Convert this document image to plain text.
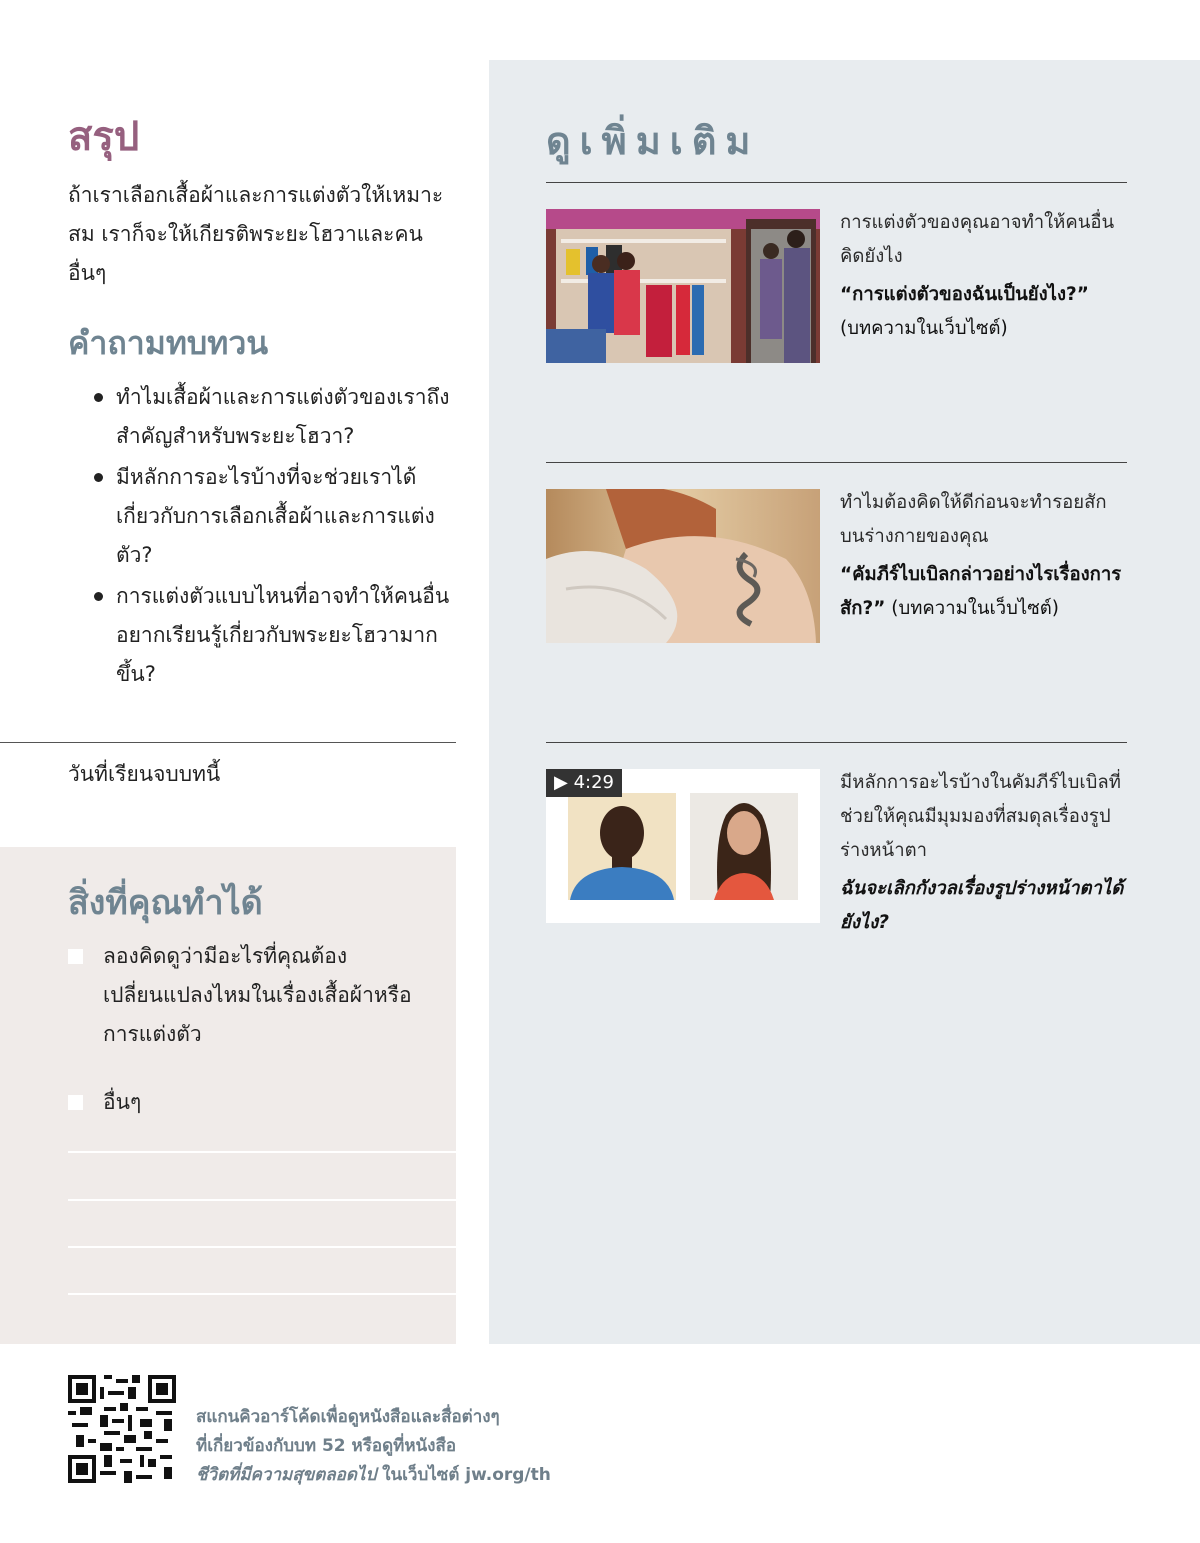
สรุป

ถ้าเราเลือกเสื้อผ้าและการแต่งตัวให้เหมาะสม เราก็จะให้เกียรติพระยะโฮวาและคนอื่นๆ

คำถามทบทวน
ทำไมเสื้อผ้าและการแต่งตัวของเราถึงสำคัญสำหรับพระยะโฮวา?
มีหลักการอะไรบ้างที่จะช่วยเราได้เกี่ยวกับการเลือกเสื้อผ้าและการแต่งตัว?
การแต่งตัวแบบไหนที่อาจทำให้คนอื่นอยากเรียนรู้เกี่ยวกับพระยะโฮวามากขึ้น?
วันที่เรียนจบบทนี้
สิ่งที่คุณทำได้
ลองคิดดูว่ามีอะไรที่คุณต้องเปลี่ยนแปลงไหมในเรื่องเสื้อผ้าหรือการแต่งตัว
อื่นๆ
ดูเพิ่มเติม
การแต่งตัวของคุณอาจทำให้คนอื่นคิดยังไง
“การแต่งตัวของฉันเป็นยังไง?”
(บทความในเว็บไซต์)
ทำไมต้องคิดให้ดีก่อนจะทำรอยสักบนร่างกายของคุณ
“คัมภีร์ไบเบิลกล่าวอย่างไรเรื่องการสัก?” (บทความในเว็บไซต์)
▶ 4:29	มีหลักการอะไรบ้างในคัมภีร์ไบเบิลที่ช่วยให้คุณมีมุมมองที่สมดุลเรื่องรูปร่างหน้าตา
ฉันจะเลิกกังวลเรื่องรูปร่างหน้าตาได้ยังไง?
สแกนคิวอาร์โค้ดเพื่อดูหนังสือและสื่อต่างๆ
ที่เกี่ยวข้องกับบท 52 หรือดูที่หนังสือ
ชีวิตที่มีความสุขตลอดไป ในเว็บไซต์ jw.org/th
